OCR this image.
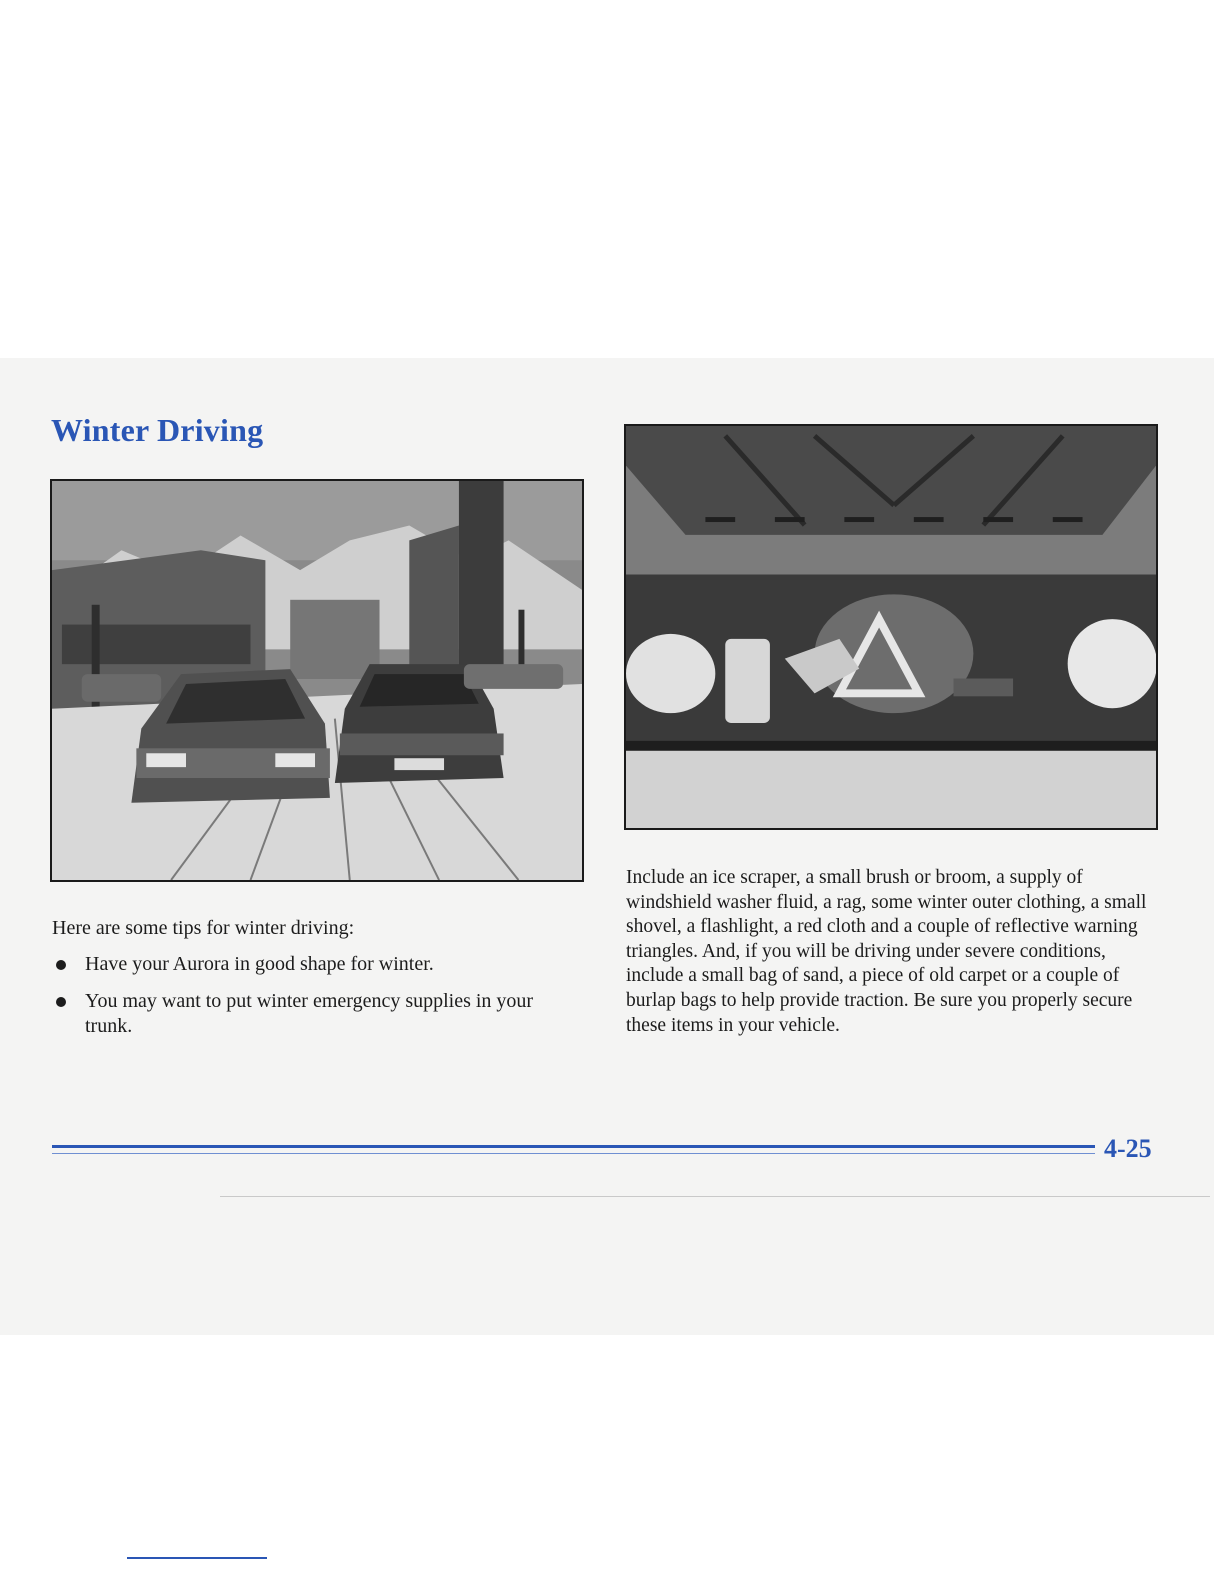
Winter Driving

Here are some tips for winter driving:

Have your Aurora in good shape for winter.
You may want to put winter emergency supplies in your trunk.

Include an ice scraper, a small brush or broom, a supply of windshield washer fluid, a rag, some winter outer clothing, a small shovel, a flashlight, a red cloth and a couple of reflective warning triangles. And, if you will be driving under severe conditions, include a small bag of sand, a piece of old carpet or a couple of burlap bags to help provide traction. Be sure you properly secure these items in your vehicle.

4-25
